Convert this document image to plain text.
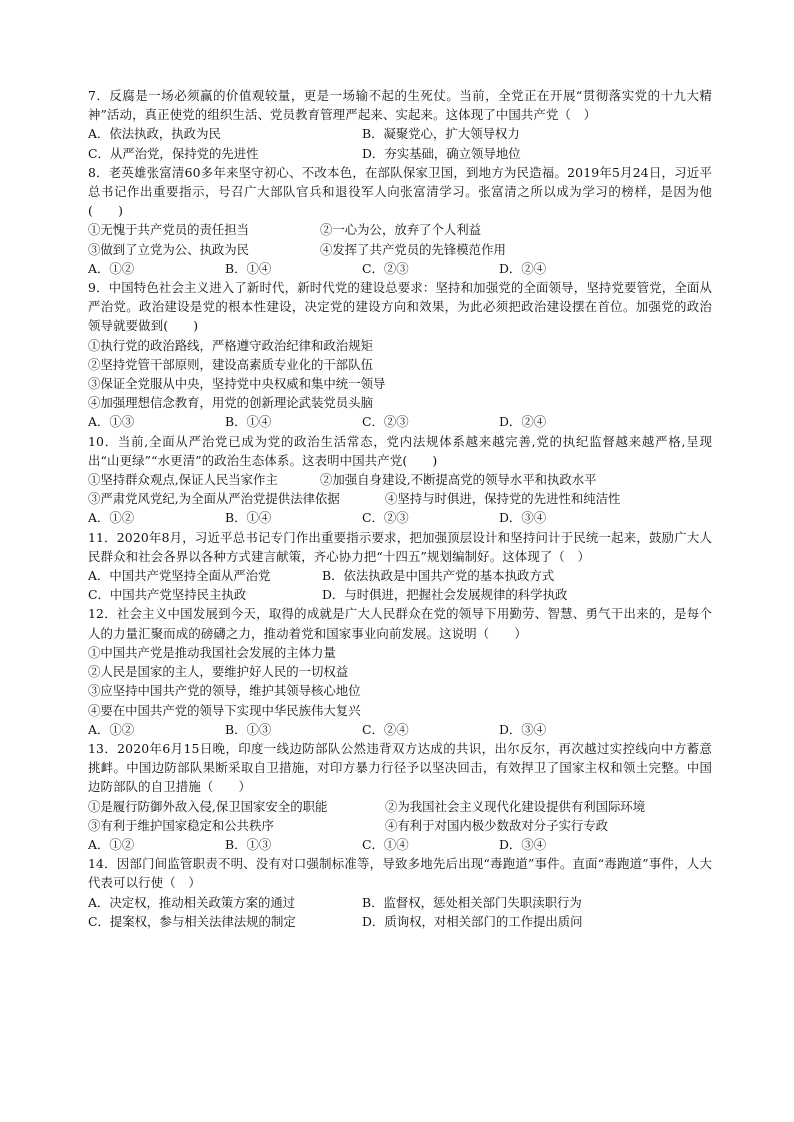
7．反腐是一场必须赢的价值观较量，更是一场输不起的生死仗。当前，全党正在开展“贯彻落实党的十九大精神”活动，真正使党的组织生活、党员教育管理严起来、实起来。这体现了中国共产党（　）
A．依法执政，执政为民	B．凝聚党心，扩大领导权力
C．从严治党，保持党的先进性	D．夯实基础，确立领导地位
8．老英雄张富清60多年来坚守初心、不改本色，在部队保家卫国，到地方为民造福。2019年5月24日，习近平总书记作出重要指示，号召广大部队官兵和退役军人向张富清学习。张富清之所以成为学习的榜样，是因为他(　　)
①无愧于共产党员的责任担当	②一心为公，放弃了个人利益
③做到了立党为公、执政为民	④发挥了共产党员的先锋模范作用
A．①②	B．①④	C．②③	D．②④
9．中国特色社会主义进入了新时代，新时代党的建设总要求：坚持和加强党的全面领导，坚持党要管党，全面从严治党。政治建设是党的根本性建设，决定党的建设方向和效果，为此必须把政治建设摆在首位。加强党的政治领导就要做到(　　)
①执行党的政治路线，严格遵守政治纪律和政治规矩
②坚持党管干部原则，建设高素质专业化的干部队伍
③保证全党服从中央，坚持党中央权威和集中统一领导
④加强理想信念教育，用党的创新理论武装党员头脑
A．①③	B．①④	C．②③	D．②④
10．当前,全面从严治党已成为党的政治生活常态，党内法规体系越来越完善,党的执纪监督越来越严格,呈现出“山更绿”“水更清”的政治生态体系。这表明中国共产党(　　)
①坚持群众观点,保证人民当家作主	②加强自身建设,不断提高党的领导水平和执政水平
③严肃党风党纪,为全面从严治党提供法律依据	④坚持与时俱进，保持党的先进性和纯洁性
A．①②	B．①④	C．②③	D．③④
11．2020年8月，习近平总书记专门作出重要指示要求，把加强顶层设计和坚持问计于民统一起来，鼓励广大人民群众和社会各界以各种方式建言献策，齐心协力把“十四五”规划编制好。这体现了（　）
A．中国共产党坚持全面从严治党	B．依法执政是中国共产党的基本执政方式
C．中国共产党坚持民主执政	D．与时俱进，把握社会发展规律的科学执政
12．社会主义中国发展到今天，取得的成就是广大人民群众在党的领导下用勤劳、智慧、勇气干出来的，是每个人的力量汇聚而成的磅礴之力，推动着党和国家事业向前发展。这说明（　　）
①中国共产党是推动我国社会发展的主体力量
②人民是国家的主人，要维护好人民的一切权益
③应坚持中国共产党的领导，维护其领导核心地位
④要在中国共产党的领导下实现中华民族伟大复兴
A．①②	B．①③	C．②④	D．③④
13．2020年6月15日晚，印度一线边防部队公然违背双方达成的共识，出尔反尔，再次越过实控线向中方蓄意挑衅。中国边防部队果断采取自卫措施，对印方暴力行径予以坚决回击，有效捍卫了国家主权和领土完整。中国边防部队的自卫措施（　　）
①是履行防御外敌入侵,保卫国家安全的职能	②为我国社会主义现代化建设提供有利国际环境
③有利于维护国家稳定和公共秩序	④有利于对国内极少数敌对分子实行专政
A．①②	B．①③	C．①④	D．③④
14．因部门间监管职责不明、没有对口强制标准等，导致多地先后出现“毒跑道”事件。直面“毒跑道”事件，人大代表可以行使（　）
A．决定权，推动相关政策方案的通过	B．监督权，惩处相关部门失职渎职行为
C．提案权，参与相关法律法规的制定	D．质询权，对相关部门的工作提出质问
